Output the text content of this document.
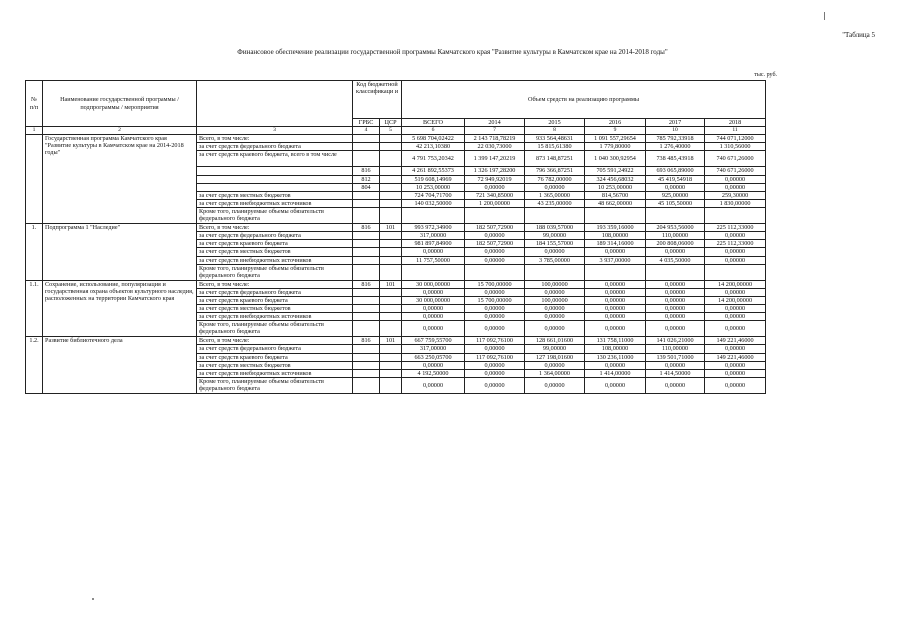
"Таблица 5
Финансовое обеспечение реализации государственной программы Камчатского края "Развитие культуры в Камчатском крае на 2014-2018 годы"
тыс. руб.
№ п/п	Наименование государственной программы / подпрограммы / мероприятия		Код бюджетной классификаци и		Объем средств на реализацию программы					

			ГРБС	ЦСР	ВСЕГО	2014	2015	2016	2017	2018
1	2	3	4	5	6	7	8	9	10	11
	Государственная программа Камчатского края "Развитие культуры в Камчатском крае на 2014-2018 годы"	Всего, в том числе:			5 698 704,02422	2 143 718,78219	933 564,48631	1 091 557,29654	785 792,33918	744 071,12000
		за счет средств федерального бюджета			42 213,10380	22 030,73000	15 815,61380	1 779,80000	1 276,40000	1 310,56000
		за счет средств краевого бюджета, всего в том числе			4 791 753,20342	1 399 147,20219	873 148,87251	1 040 300,92954	738 485,43918	740 671,26000
			816		4 261 892,55373	1 326 197,28200	796 366,87251	705 591,24922	693 065,89000	740 671,26000
			812		519 608,14969	72 949,92019	76 782,00000	324 456,68032	45 419,54918	0,00000
			804		10 253,00000	0,00000	0,00000	10 253,00000	0,00000	0,00000
		за счет средств местных бюджетов			724 704,71700	721 340,85000	1 365,00000	814,56700	925,00000	259,30000
		за счет средств внебюджетных источников			140 032,50000	1 200,00000	43 235,00000	48 662,00000	45 105,50000	1 830,00000
		Кроме того, планируемые объемы обязательств федерального бюджета								
1.	Подпрограмма 1 "Наследие"	Всего, в том числе:	816	101	993 972,34900	182 507,72900	188 039,57000	193 359,16000	204 953,56000	225 112,33000
		за счет средств федерального бюджета			317,00000	0,00000	99,00000	108,00000	110,00000	0,00000
		за счет средств краевого бюджета			981 897,84900	182 507,72900	184 155,57000	189 314,16000	200 808,06000	225 112,33000
		за счет средств местных бюджетов			0,00000	0,00000	0,00000	0,00000	0,00000	0,00000
		за счет средств внебюджетных источников			11 757,50000	0,00000	3 785,00000	3 937,00000	4 035,50000	0,00000
		Кроме того, планируемые объемы обязательств федерального бюджета								
1.1.	Сохранение, использование, популяризация и государственная охрана объектов культурного наследия, расположенных на территории Камчатского края	Всего, в том числе:	816	101	30 000,00000	15 700,00000	100,00000	0,00000	0,00000	14 200,00000
		за счет средств федерального бюджета			0,00000	0,00000	0,00000	0,00000	0,00000	0,00000
		за счет средств краевого бюджета			30 000,00000	15 700,00000	100,00000	0,00000	0,00000	14 200,00000
		за счет средств местных бюджетов			0,00000	0,00000	0,00000	0,00000	0,00000	0,00000
		за счет средств внебюджетных источников			0,00000	0,00000	0,00000	0,00000	0,00000	0,00000
		Кроме того, планируемые объемы обязательств федерального бюджета			0,00000	0,00000	0,00000	0,00000	0,00000	0,00000
1.2.	Развитие библиотечного дела	Всего, в том числе:	816	101	667 759,55700	117 092,76100	128 661,01600	131 758,11000	141 026,21000	149 221,46000
		за счет средств федерального бюджета			317,00000	0,00000	99,00000	108,00000	110,00000	0,00000
		за счет средств краевого бюджета			663 250,05700	117 092,76100	127 198,01600	130 236,11000	139 501,71000	149 221,46000
		за счет средств местных бюджетов			0,00000	0,00000	0,00000	0,00000	0,00000	0,00000
		за счет средств внебюджетных источников			4 192,50000	0,00000	1 364,00000	1 414,00000	1 414,50000	0,00000
		Кроме того, планируемые объемы обязательств федерального бюджета			0,00000	0,00000	0,00000	0,00000	0,00000	0,00000
